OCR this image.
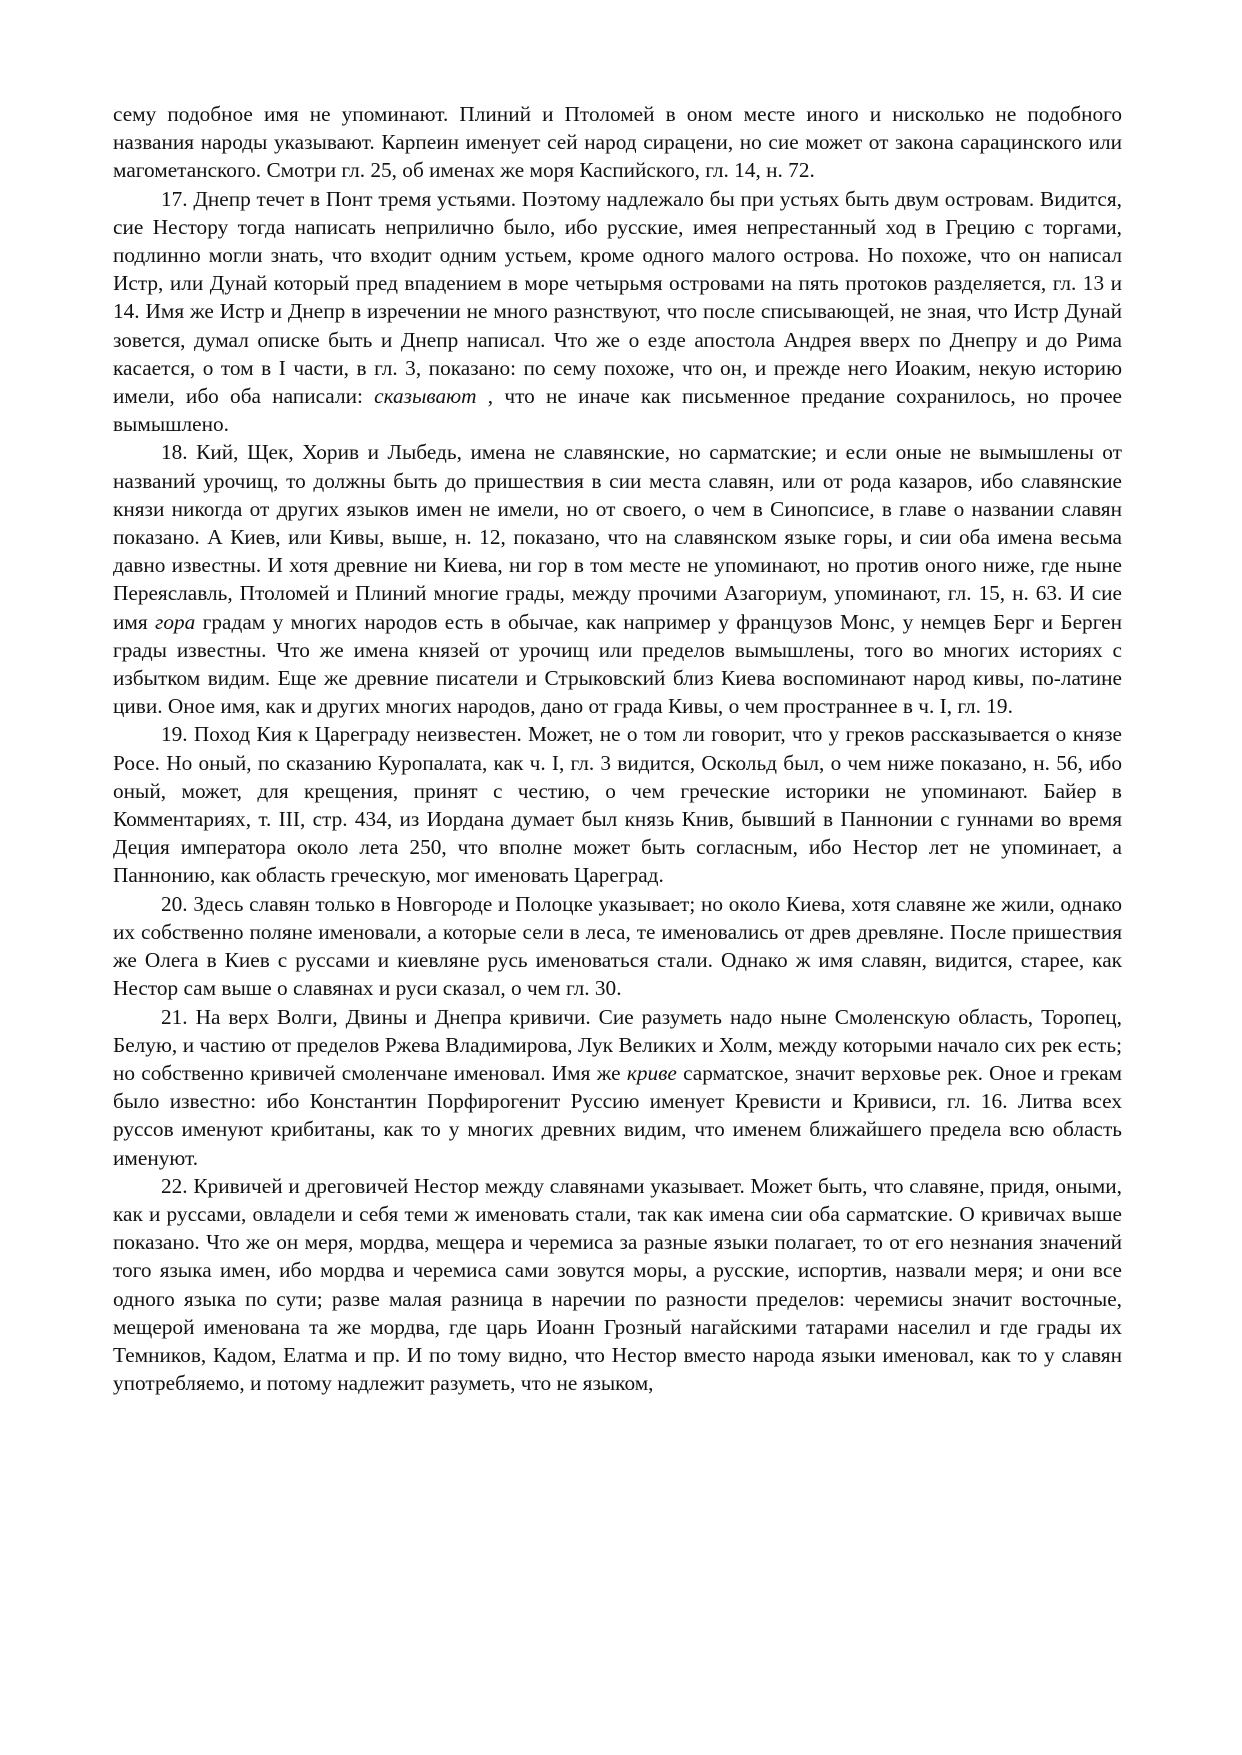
сему подобное имя не упоминают. Плиний и Птоломей в оном месте иного и нисколько не подобного названия народы указывают. Карпеин именует сей народ сирацени, но сие может от закона сарацинского или магометанского. Смотри гл. 25, об именах же моря Каспийского, гл. 14, н. 72.

17. Днепр течет в Понт тремя устьями. Поэтому надлежало бы при устьях быть двум островам. Видится, сие Нестору тогда написать неприлично было, ибо русские, имея непрестанный ход в Грецию с торгами, подлинно могли знать, что входит одним устьем, кроме одного малого острова. Но похоже, что он написал Истр, или Дунай который пред впадением в море четырьмя островами на пять протоков разделяется, гл. 13 и 14. Имя же Истр и Днепр в изречении не много разнствуют, что после списывающей, не зная, что Истр Дунай зовется, думал описке быть и Днепр написал. Что же о езде апостола Андрея вверх по Днепру и до Рима касается, о том в I части, в гл. 3, показано: по сему похоже, что он, и прежде него Иоаким, некую историю имели, ибо оба написали: сказывают , что не иначе как письменное предание сохранилось, но прочее вымышлено.

18. Кий, Щек, Хорив и Лыбедь, имена не славянские, но сарматские; и если оные не вымышлены от названий урочищ, то должны быть до пришествия в сии места славян, или от рода казаров, ибо славянские князи никогда от других языков имен не имели, но от своего, о чем в Синопсисе, в главе о названии славян показано. А Киев, или Кивы, выше, н. 12, показано, что на славянском языке горы, и сии оба имена весьма давно известны. И хотя древние ни Киева, ни гор в том месте не упоминают, но против оного ниже, где ныне Переяславль, Птоломей и Плиний многие грады, между прочими Азагориум, упоминают, гл. 15, н. 63. И сие имя гора градам у многих народов есть в обычае, как например у французов Монс, у немцев Берг и Берген грады известны. Что же имена князей от урочищ или пределов вымышлены, того во многих историях с избытком видим. Еще же древние писатели и Стрыковский близ Киева воспоминают народ кивы, по-латине циви. Оное имя, как и других многих народов, дано от града Кивы, о чем пространнее в ч. I, гл. 19.

19. Поход Кия к Цареграду неизвестен. Может, не о том ли говорит, что у греков рассказывается о князе Росе. Но оный, по сказанию Куропалата, как ч. I, гл. 3 видится, Оскольд был, о чем ниже показано, н. 56, ибо оный, может, для крещения, принят с честию, о чем греческие историки не упоминают. Байер в Комментариях, т. III, стр. 434, из Иордана думает был князь Книв, бывший в Паннонии с гуннами во время Деция императора около лета 250, что вполне может быть согласным, ибо Нестор лет не упоминает, а Паннонию, как область греческую, мог именовать Цареград.

20. Здесь славян только в Новгороде и Полоцке указывает; но около Киева, хотя славяне же жили, однако их собственно поляне именовали, а которые сели в леса, те именовались от древ древляне. После пришествия же Олега в Киев с руссами и киевляне русь именоваться стали. Однако ж имя славян, видится, старее, как Нестор сам выше о славянах и руси сказал, о чем гл. 30.

21. На верх Волги, Двины и Днепра кривичи. Сие разуметь надо ныне Смоленскую область, Торопец, Белую, и частию от пределов Ржева Владимирова, Лук Великих и Холм, между которыми начало сих рек есть; но собственно кривичей смоленчане именовал. Имя же криве сарматское, значит верховье рек. Оное и грекам было известно: ибо Константин Порфирогенит Руссию именует Кревисти и Кривиси, гл. 16. Литва всех руссов именуют крибитаны, как то у многих древних видим, что именем ближайшего предела всю область именуют.

22. Кривичей и дреговичей Нестор между славянами указывает. Может быть, что славяне, придя, оными, как и руссами, овладели и себя теми ж именовать стали, так как имена сии оба сарматские. О кривичах выше показано. Что же он меря, мордва, мещера и черемиса за разные языки полагает, то от его незнания значений того языка имен, ибо мордва и черемиса сами зовутся моры, а русские, испортив, назвали меря; и они все одного языка по сути; разве малая разница в наречии по разности пределов: черемисы значит восточные, мещерой именована та же мордва, где царь Иоанн Грозный нагайскими татарами населил и где грады их Темников, Кадом, Елатма и пр. И по тому видно, что Нестор вместо народа языки именовал, как то у славян употребляемо, и потому надлежит разуметь, что не языком,
